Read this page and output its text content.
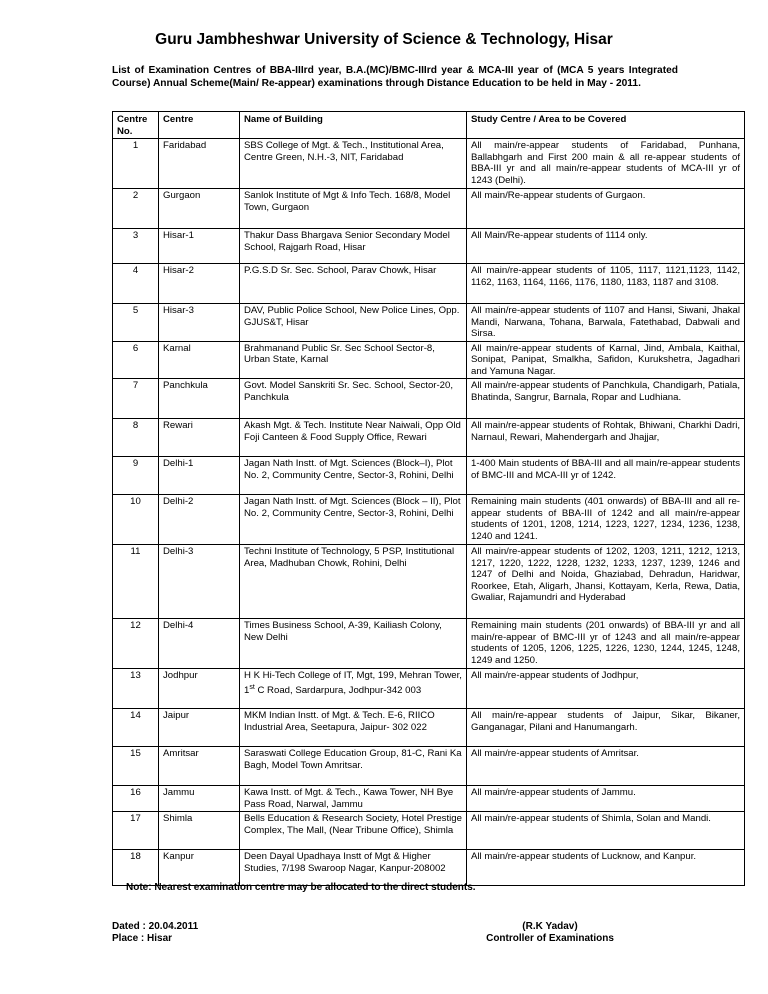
Guru Jambheshwar University of Science & Technology, Hisar
List of Examination Centres of BBA-IIIrd year, B.A.(MC)/BMC-IIIrd year & MCA-III year of (MCA 5 years Integrated Course) Annual Scheme(Main/ Re-appear) examinations through Distance Education to be held in May - 2011.
Centre No.	Centre	Name of Building	Study Centre / Area to be Covered
1	Faridabad	SBS College of Mgt. & Tech., Institutional Area, Centre Green, N.H.-3, NIT, Faridabad	All main/re-appear students of Faridabad, Punhana, Ballabhgarh and First 200 main & all re-appear students of BBA-III yr and all main/re-appear students of MCA-III yr of 1243 (Delhi).
2	Gurgaon	Sanlok Institute of Mgt & Info Tech. 168/8, Model Town, Gurgaon	All main/Re-appear students of Gurgaon.
3	Hisar-1	Thakur Dass Bhargava Senior Secondary Model School, Rajgarh Road, Hisar	All Main/Re-appear students of 1114 only.
4	Hisar-2	P.G.S.D Sr. Sec. School, Parav Chowk, Hisar	All main/re-appear students of 1105, 1117, 1121,1123, 1142, 1162, 1163, 1164, 1166, 1176, 1180, 1183, 1187 and 3108.
5	Hisar-3	DAV, Public Police School, New Police Lines, Opp. GJUS&T, Hisar	All main/re-appear students of 1107 and Hansi, Siwani, Jhakal Mandi, Narwana, Tohana, Barwala, Fatethabad, Dabwali and Sirsa.
6	Karnal	Brahmanand Public Sr. Sec School Sector-8, Urban State, Karnal	All main/re-appear students of Karnal, Jind, Ambala, Kaithal, Sonipat, Panipat, Smalkha, Safidon, Kurukshetra, Jagadhari and Yamuna Nagar.
7	Panchkula	Govt. Model Sanskriti Sr. Sec. School, Sector-20, Panchkula	All main/re-appear students of Panchkula, Chandigarh, Patiala, Bhatinda, Sangrur, Barnala, Ropar and Ludhiana.
8	Rewari	Akash Mgt. & Tech. Institute Near Naiwali, Opp Old Foji Canteen & Food Supply Office, Rewari	All main/re-appear students of Rohtak, Bhiwani, Charkhi Dadri, Narnaul, Rewari, Mahendergarh and Jhajjar,
9	Delhi-1	Jagan Nath Instt. of Mgt. Sciences (Block–I), Plot No. 2, Community Centre, Sector-3, Rohini, Delhi	1-400 Main students of BBA-III and all main/re-appear students of BMC-III and MCA-III yr of 1242.
10	Delhi-2	Jagan Nath Instt. of Mgt. Sciences (Block – II), Plot No. 2, Community Centre, Sector-3, Rohini, Delhi	Remaining main students (401 onwards) of BBA-III and all re-appear students of BBA-III of 1242 and all main/re-appear students of 1201, 1208, 1214, 1223, 1227, 1234, 1236, 1238, 1240 and 1241.
11	Delhi-3	Techni Institute of Technology, 5 PSP, Institutional Area, Madhuban Chowk, Rohini, Delhi	All main/re-appear students of 1202, 1203, 1211, 1212, 1213, 1217, 1220, 1222, 1228, 1232, 1233, 1237, 1239, 1246 and 1247 of Delhi and Noida, Ghaziabad, Dehradun, Haridwar, Roorkee, Etah, Aligarh, Jhansi, Kottayam, Kerla, Rewa, Datia, Gwaliar, Rajamundri and Hyderabad
12	Delhi-4	Times Business School, A-39, Kailiash Colony, New Delhi	Remaining main students (201 onwards) of BBA-III yr and all main/re-appear of BMC-III yr of 1243 and all main/re-appear students of 1205, 1206, 1225, 1226, 1230, 1244, 1245, 1248, 1249 and 1250.
13	Jodhpur	H K Hi-Tech College of IT, Mgt, 199, Mehran Tower, 1st C Road, Sardarpura, Jodhpur-342 003	All main/re-appear students of Jodhpur,
14	Jaipur	MKM Indian Instt. of Mgt. & Tech. E-6, RIICO Industrial Area, Seetapura, Jaipur- 302 022	All main/re-appear students of Jaipur, Sikar, Bikaner, Ganganagar, Pilani and Hanumangarh.
15	Amritsar	Saraswati College Education Group, 81-C, Rani Ka Bagh, Model Town Amritsar.	All main/re-appear students of Amritsar.
16	Jammu	Kawa Instt. of Mgt. & Tech., Kawa Tower, NH Bye Pass Road, Narwal, Jammu	All main/re-appear students of Jammu.
17	Shimla	Bells Education & Research Society, Hotel Prestige Complex, The Mall, (Near Tribune Office), Shimla	All main/re-appear students of Shimla, Solan and Mandi.
18	Kanpur	Deen Dayal Upadhaya Instt of Mgt & Higher Studies, 7/198 Swaroop Nagar, Kanpur-208002	All main/re-appear students of Lucknow, and Kanpur.
Note: Nearest examination centre may be allocated to the direct students.
Dated : 20.04.2011
Place : Hisar
(R.K Yadav)
Controller of Examinations
